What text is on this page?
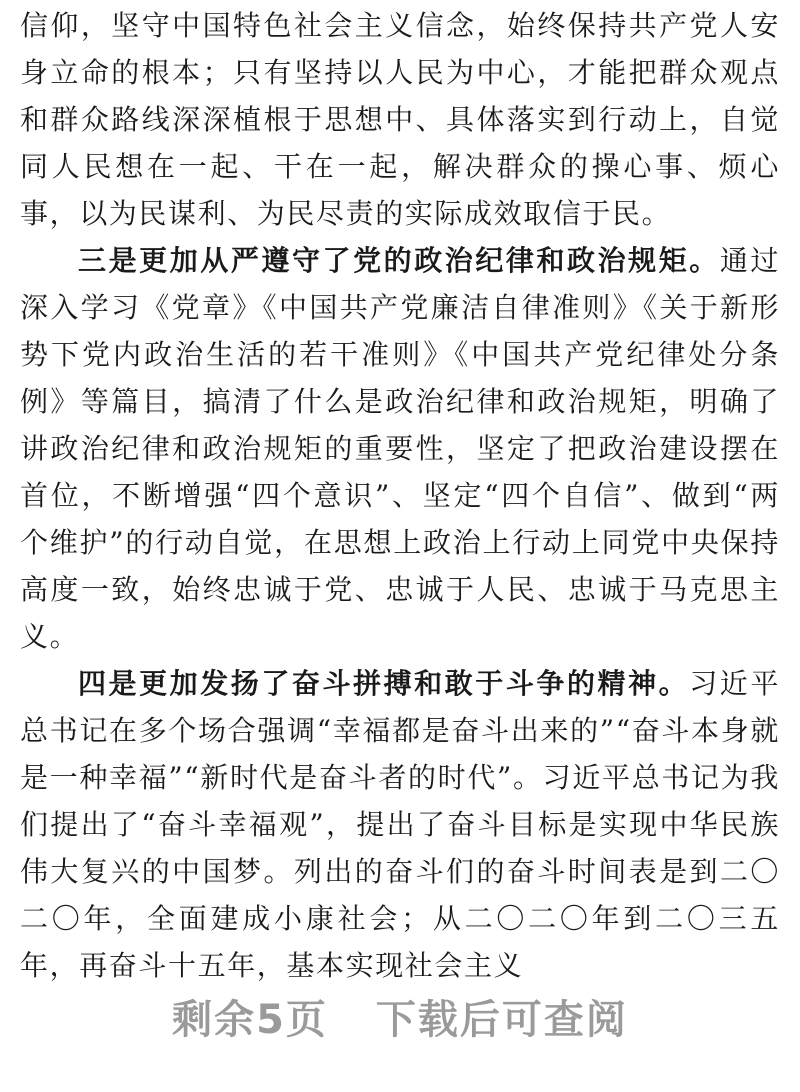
信仰，坚守中国特色社会主义信念，始终保持共产党人安身立命的根本；只有坚持以人民为中心，才能把群众观点和群众路线深深植根于思想中、具体落实到行动上，自觉同人民想在一起、干在一起，解决群众的操心事、烦心事，以为民谋利、为民尽责的实际成效取信于民。

三是更加从严遵守了党的政治纪律和政治规矩。通过深入学习《党章》《中国共产党廉洁自律准则》《关于新形势下党内政治生活的若干准则》《中国共产党纪律处分条例》等篇目，搞清了什么是政治纪律和政治规矩，明确了讲政治纪律和政治规矩的重要性，坚定了把政治建设摆在首位，不断增强“四个意识”、坚定“四个自信”、做到“两个维护”的行动自觉，在思想上政治上行动上同党中央保持高度一致，始终忠诚于党、忠诚于人民、忠诚于马克思主义。

四是更加发扬了奋斗拼搏和敢于斗争的精神。习近平总书记在多个场合强调“幸福都是奋斗出来的”“奋斗本身就是一种幸福”“新时代是奋斗者的时代”。习近平总书记为我们提出了“奋斗幸福观”，提出了奋斗目标是实现中华民族伟大复兴的中国梦。列出的奋斗们的奋斗时间表是到二〇二〇年，全面建成小康社会；从二〇二〇年到二〇三五年，再奋斗十五年，基本实现社会主义

剩余5页 下载后可查阅
